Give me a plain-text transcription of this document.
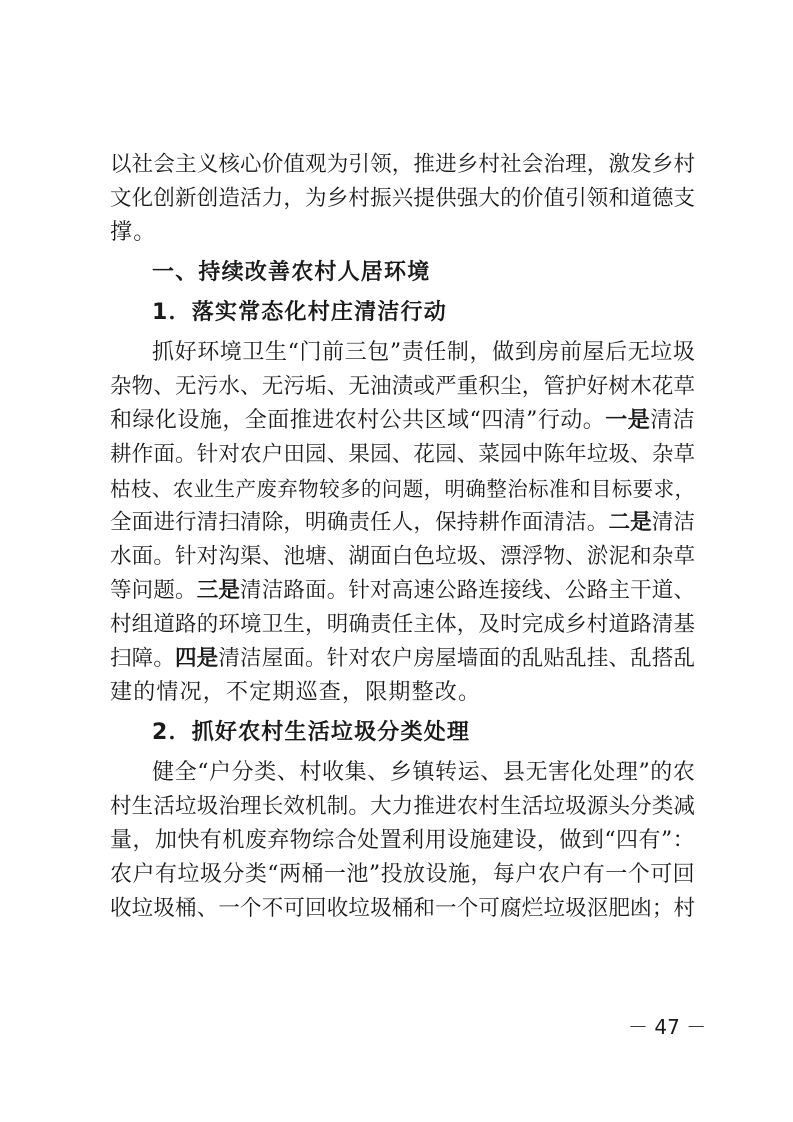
以社会主义核心价值观为引领，推进乡村社会治理，激发乡村
文化创新创造活力，为乡村振兴提供强大的价值引领和道德支
撑。
一、持续改善农村人居环境
1．落实常态化村庄清洁行动
抓好环境卫生“门前三包”责任制，做到房前屋后无垃圾
杂物、无污水、无污垢、无油渍或严重积尘，管护好树木花草
和绿化设施，全面推进农村公共区域“四清”行动。一是清洁
耕作面。针对农户田园、果园、花园、菜园中陈年垃圾、杂草
枯枝、农业生产废弃物较多的问题，明确整治标准和目标要求，
全面进行清扫清除，明确责任人，保持耕作面清洁。二是清洁
水面。针对沟渠、池塘、湖面白色垃圾、漂浮物、淤泥和杂草
等问题。三是清洁路面。针对高速公路连接线、公路主干道、
村组道路的环境卫生，明确责任主体，及时完成乡村道路清基
扫障。四是清洁屋面。针对农户房屋墙面的乱贴乱挂、乱搭乱
建的情况，不定期巡查，限期整改。
2．抓好农村生活垃圾分类处理
健全“户分类、村收集、乡镇转运、县无害化处理”的农
村生活垃圾治理长效机制。大力推进农村生活垃圾源头分类减
量，加快有机废弃物综合处置利用设施建设，做到“四有”：
农户有垃圾分类“两桶一池”投放设施，每户农户有一个可回
收垃圾桶、一个不可回收垃圾桶和一个可腐烂垃圾沤肥凼；村
－ 47 －
